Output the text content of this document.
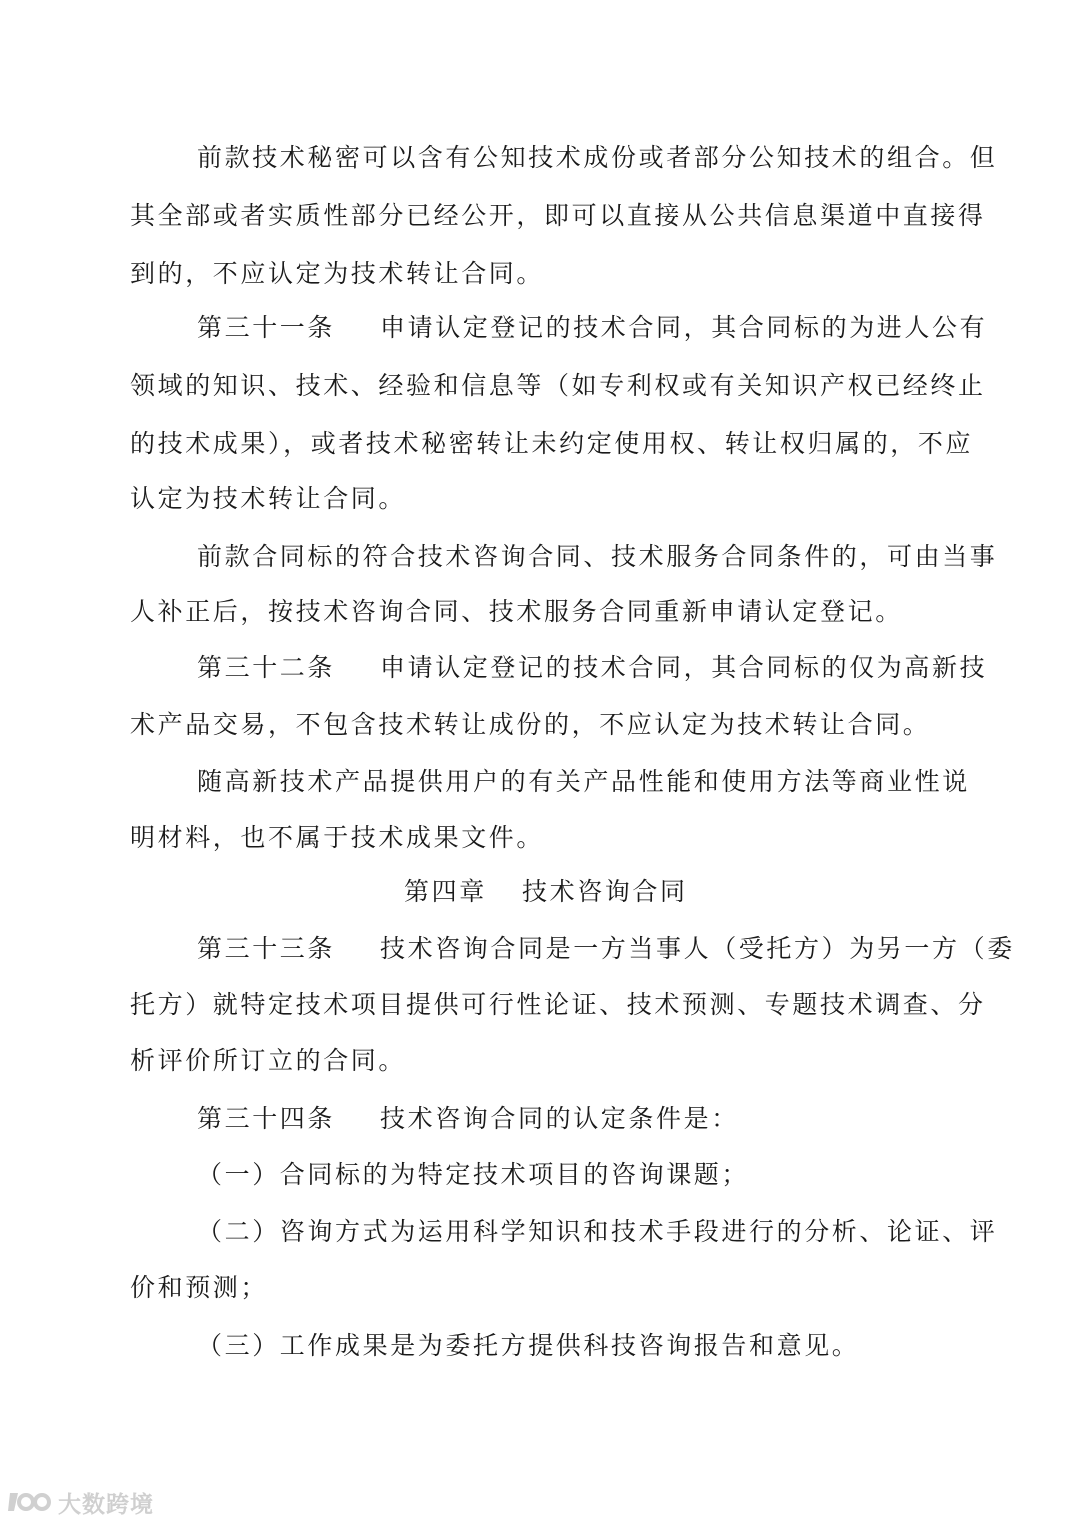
前款技术秘密可以含有公知技术成份或者部分公知技术的组合。但
其全部或者实质性部分已经公开，即可以直接从公共信息渠道中直接得
到的，不应认定为技术转让合同。
第三十一条 申请认定登记的技术合同，其合同标的为进人公有
领域的知识、技术、经验和信息等（如专利权或有关知识产权已经终止
的技术成果），或者技术秘密转让未约定使用权、转让权归属的，不应
认定为技术转让合同。
前款合同标的符合技术咨询合同、技术服务合同条件的，可由当事
人补正后，按技术咨询合同、技术服务合同重新申请认定登记。
第三十二条 申请认定登记的技术合同，其合同标的仅为高新技
术产品交易，不包含技术转让成份的，不应认定为技术转让合同。
随高新技术产品提供用户的有关产品性能和使用方法等商业性说
明材料，也不属于技术成果文件。
第四章 技术咨询合同
第三十三条 技术咨询合同是一方当事人（受托方）为另一方（委
托方）就特定技术项目提供可行性论证、技术预测、专题技术调查、分
析评价所订立的合同。
第三十四条 技术咨询合同的认定条件是：
（一）合同标的为特定技术项目的咨询课题；
（二）咨询方式为运用科学知识和技术手段进行的分析、论证、评
价和预测；
（三）工作成果是为委托方提供科技咨询报告和意见。
大数跨境
